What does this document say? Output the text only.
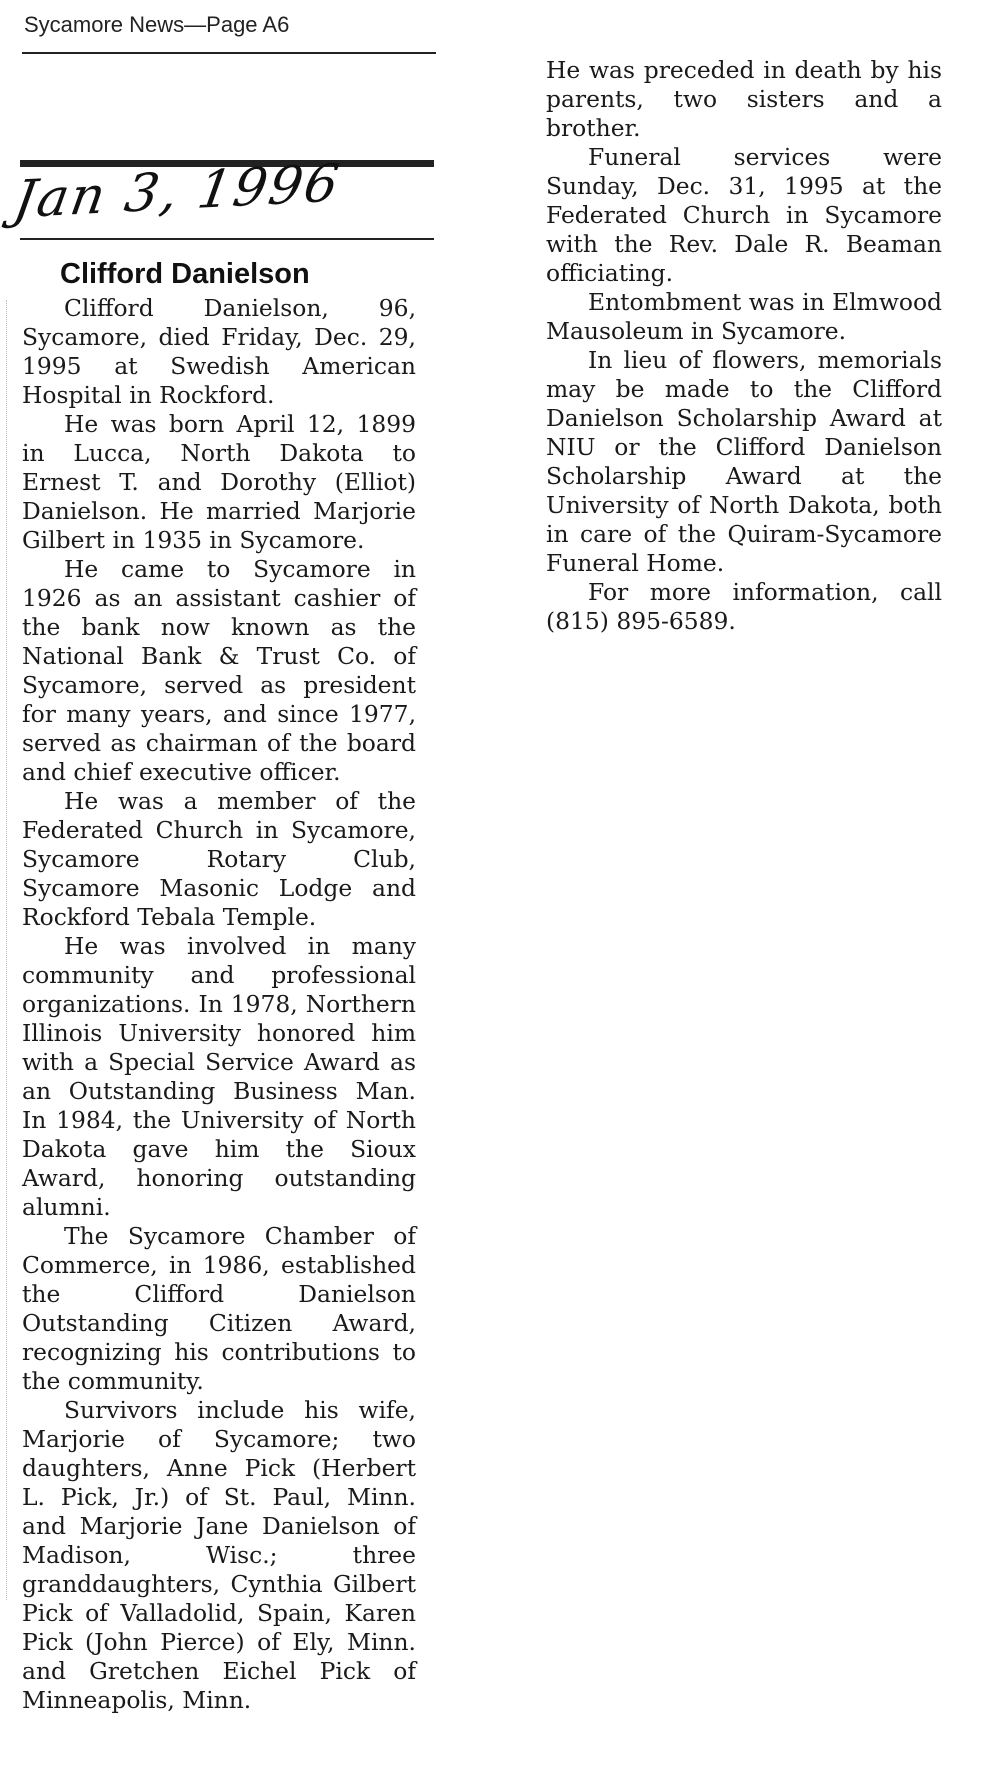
Sycamore News—Page A6
Jan 3, 1996
Clifford Danielson

Clifford Danielson, 96, Sycamore, died Friday, Dec. 29, 1995 at Swedish American Hospital in Rockford.

He was born April 12, 1899 in Lucca, North Dakota to Ernest T. and Dorothy (Elliot) Danielson. He married Marjorie Gilbert in 1935 in Sycamore.

He came to Sycamore in 1926 as an assistant cashier of the bank now known as the National Bank & Trust Co. of Sycamore, served as president for many years, and since 1977, served as chairman of the board and chief executive officer.

He was a member of the Federated Church in Sycamore, Sycamore Rotary Club, Sycamore Masonic Lodge and Rockford Tebala Temple.

He was involved in many community and professional organizations. In 1978, Northern Illinois University honored him with a Special Service Award as an Outstanding Business Man. In 1984, the University of North Dakota gave him the Sioux Award, honoring outstanding alumni.

The Sycamore Chamber of Commerce, in 1986, established the Clifford Danielson Outstanding Citizen Award, recognizing his contributions to the community.

Survivors include his wife, Marjorie of Sycamore; two daughters, Anne Pick (Herbert L. Pick, Jr.) of St. Paul, Minn. and Marjorie Jane Danielson of Madison, Wisc.; three granddaughters, Cynthia Gilbert Pick of Valladolid, Spain, Karen Pick (John Pierce) of Ely, Minn. and Gretchen Eichel Pick of Minneapolis, Minn.

He was preceded in death by his parents, two sisters and a brother.

Funeral services were Sunday, Dec. 31, 1995 at the Federated Church in Sycamore with the Rev. Dale R. Beaman officiating.

Entombment was in Elmwood Mausoleum in Sycamore.

In lieu of flowers, memorials may be made to the Clifford Danielson Scholarship Award at NIU or the Clifford Danielson Scholarship Award at the University of North Dakota, both in care of the Quiram-Sycamore Funeral Home.

For more information, call (815) 895-6589.
